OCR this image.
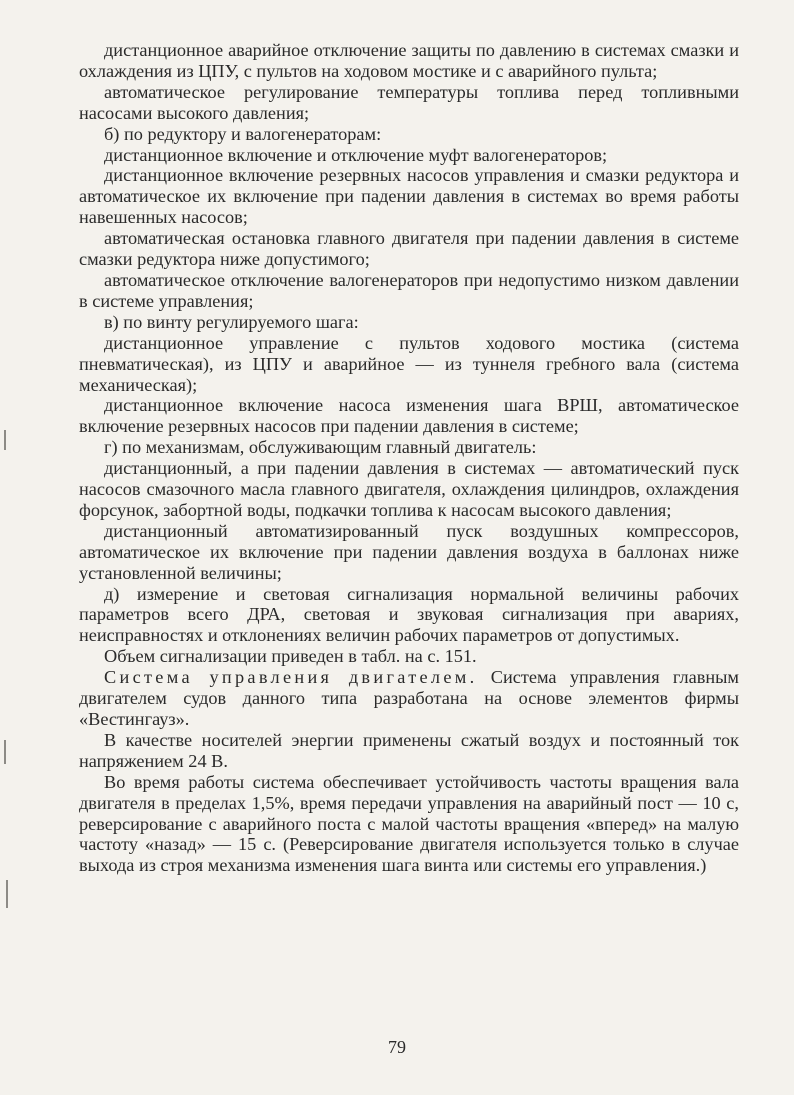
дистанционное аварийное отключение защиты по давлению в системах смазки и охлаждения из ЦПУ, с пультов на ходовом мостике и с аварийного пульта;

автоматическое регулирование температуры топлива перед топливными насосами высокого давления;

б) по редуктору и валогенераторам:

дистанционное включение и отключение муфт валогенераторов;

дистанционное включение резервных насосов управления и смазки редуктора и автоматическое их включение при падении давления в системах во время работы навешенных насосов;

автоматическая остановка главного двигателя при падении давления в системе смазки редуктора ниже допустимого;

автоматическое отключение валогенераторов при недопустимо низком давлении в системе управления;

в) по винту регулируемого шага:

дистанционное управление с пультов ходового мостика (система пневматическая), из ЦПУ и аварийное — из туннеля гребного вала (система механическая);

дистанционное включение насоса изменения шага ВРШ, автоматическое включение резервных насосов при падении давления в системе;

г) по механизмам, обслуживающим главный двигатель:

дистанционный, а при падении давления в системах — автоматический пуск насосов смазочного масла главного двигателя, охлаждения цилиндров, охлаждения форсунок, забортной воды, подкачки топлива к насосам высокого давления;

дистанционный автоматизированный пуск воздушных компрессоров, автоматическое их включение при падении давления воздуха в баллонах ниже установленной величины;

д) измерение и световая сигнализация нормальной величины рабочих параметров всего ДРА, световая и звуковая сигнализация при авариях, неисправностях и отклонениях величин рабочих параметров от допустимых.

Объем сигнализации приведен в табл. на с. 151.

Система управления двигателем. Система управления главным двигателем судов данного типа разработана на основе элементов фирмы «Вестингауз».

В качестве носителей энергии применены сжатый воздух и постоянный ток напряжением 24 В.

Во время работы система обеспечивает устойчивость частоты вращения вала двигателя в пределах 1,5%, время передачи управления на аварийный пост — 10 с, реверсирование с аварийного поста с малой частоты вращения «вперед» на малую частоту «назад» — 15 с. (Реверсирование двигателя используется только в случае выхода из строя механизма изменения шага винта или системы его управления.)

79
